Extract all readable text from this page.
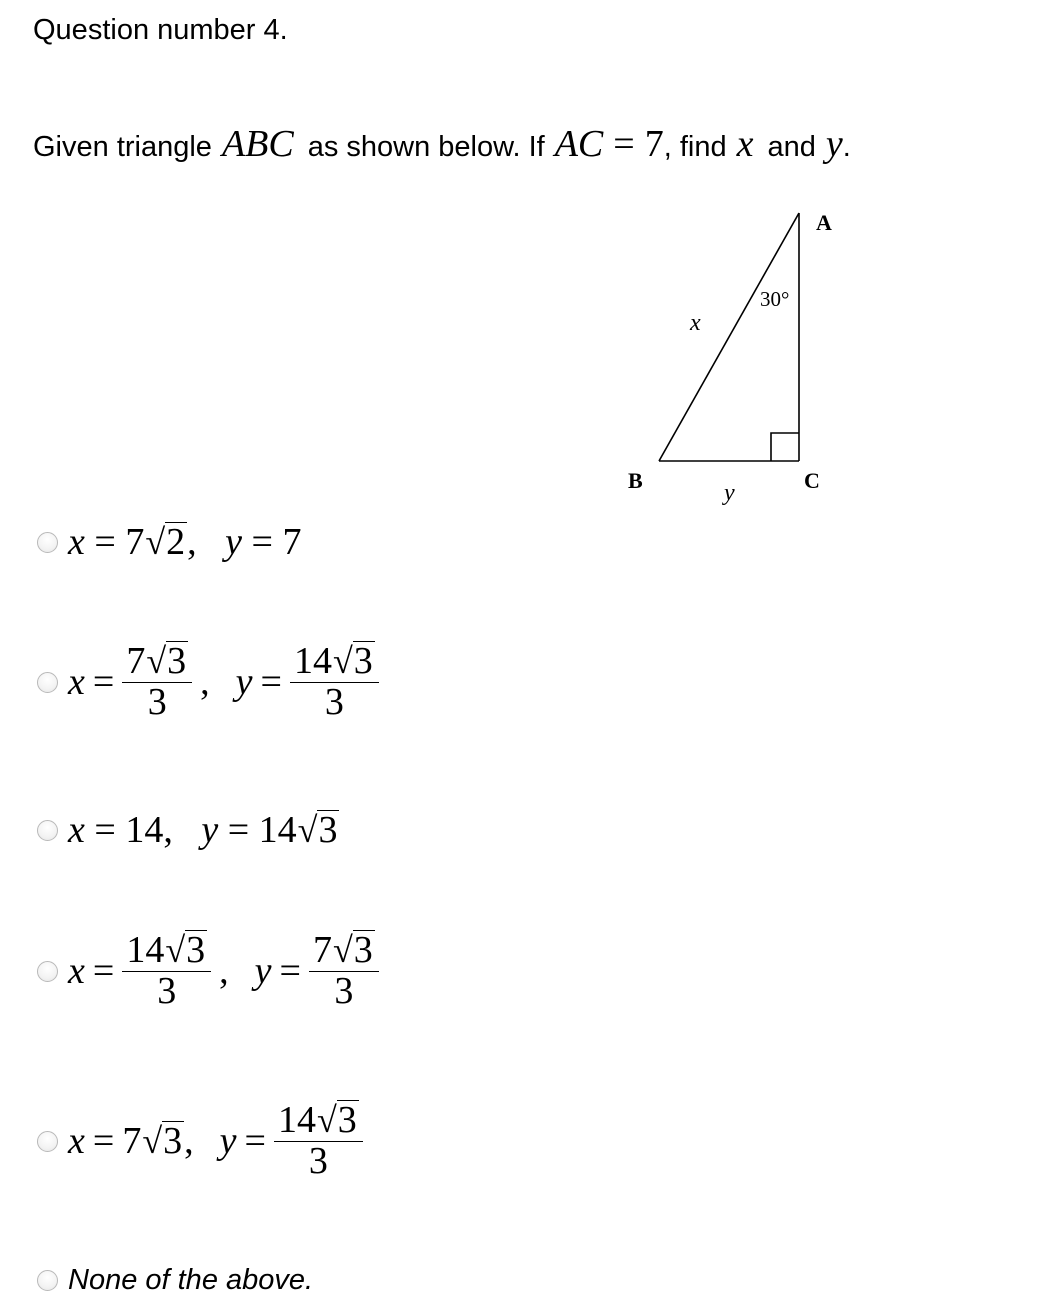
Question number 4.
Given triangle ABC as shown below. If AC = 7 , find x and y .
A
B	C
x
y
30°
x = 7√2, y = 7
$x = \frac{7√3}{3}$ , $y = \frac{14√3}{3}$
x = 14, y = 14√3
$x = \frac{14√3}{3}$ , $y = \frac{7√3}{3}$
x = 7√3 , $y = \frac{14√3}{3}$
None of the above.
